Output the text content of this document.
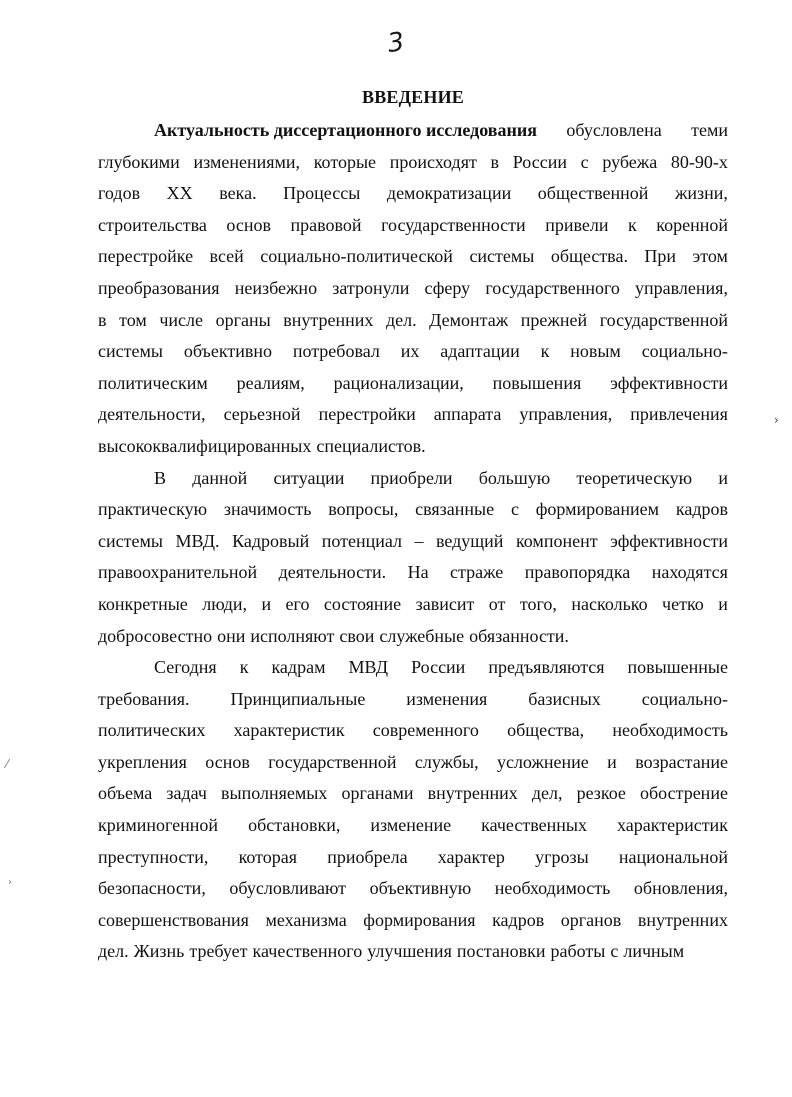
3
ВВЕДЕНИЕ
Актуальность диссертационного исследования обусловлена теми
глубокими изменениями, которые происходят в России с рубежа 80-90-х
годов XX века. Процессы демократизации общественной жизни,
строительства основ правовой государственности привели к коренной
перестройке всей социально-политической системы общества. При этом
преобразования неизбежно затронули сферу государственного управления,
в том числе органы внутренних дел. Демонтаж прежней государственной
системы объективно потребовал их адаптации к новым социально-
политическим реалиям, рационализации, повышения эффективности
деятельности, серьезной перестройки аппарата управления, привлечения
высококвалифицированных специалистов.
В данной ситуации приобрели большую теоретическую и
практическую значимость вопросы, связанные с формированием кадров
системы МВД. Кадровый потенциал – ведущий компонент эффективности
правоохранительной деятельности. На страже правопорядка находятся
конкретные люди, и его состояние зависит от того, насколько четко и
добросовестно они исполняют свои служебные обязанности.
Сегодня к кадрам МВД России предъявляются повышенные
требования. Принципиальные изменения базисных социально-
политических характеристик современного общества, необходимость
укрепления основ государственной службы, усложнение и возрастание
объема задач выполняемых органами внутренних дел, резкое обострение
криминогенной обстановки, изменение качественных характеристик
преступности, которая приобрела характер угрозы национальной
безопасности, обусловливают объективную необходимость обновления,
совершенствования механизма формирования кадров органов внутренних
дел. Жизнь требует качественного улучшения постановки работы с личным
›
⁄
›
